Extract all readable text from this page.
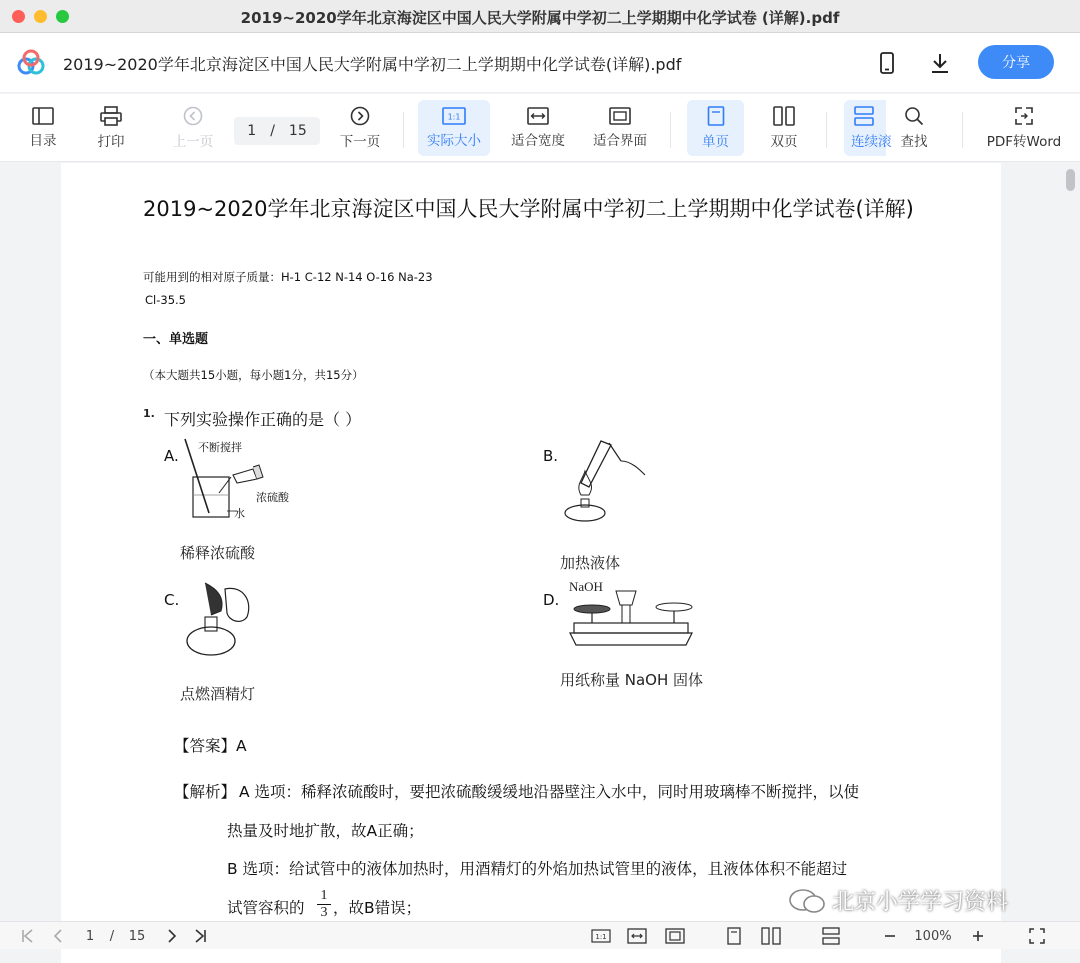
2019~2020学年北京海淀区中国人民大学附属中学初二上学期期中化学试卷 (详解).pdf
2019~2020学年北京海淀区中国人民大学附属中学初二上学期期中化学试卷(详解).pdf	分享
目录	打印	上一页	下一页
1:1
实际大小 适合宽度 适合界面	单页	双页	连续滚 查找	PDF转Word
1 / 15
2019~2020学年北京海淀区中国人民大学附属中学初二上学期期中化学试卷(详解)
可能用到的相对原子质量：H-1 C-12 N-14 O-16 Na-23
Cl-35.5
一、单选题
（本大题共15小题，每小题1分，共15分）
1. 下列实验操作正确的是（ ）
A. 不断搅拌
浓硫酸
水
稀释浓硫酸
B.
加热液体
C.
点燃酒精灯
D.
NaOH
用纸称量 NaOH 固体
【答案】A
【解析】 A 选项：稀释浓硫酸时，要把浓硫酸缓缓地沿器壁注入水中，同时用玻璃棒不断搅拌，以使
热量及时地扩散，故A正确；
B 选项：给试管中的液体加热时，用酒精灯的外焰加热试管里的液体，且液体体积不能超过
试管容积的
1
3 ，故B错误；	北京小学学习资料
1	/	15	1:1	100%
